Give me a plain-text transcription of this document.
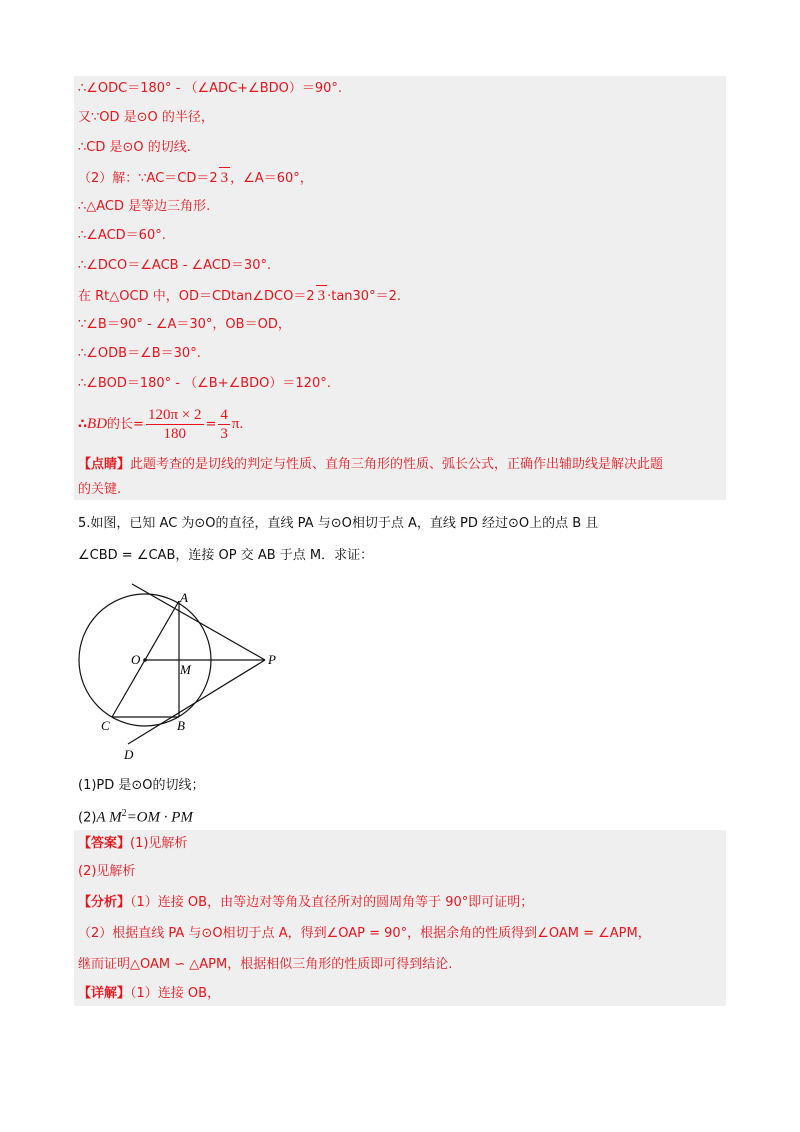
∴∠ODC＝180° - （∠ADC+∠BDO）＝90°.
又∵OD 是⊙O 的半径，
∴CD 是⊙O 的切线.
（2）解：∵AC＝CD＝2 3 ，∠A＝60°，
∴△ACD 是等边三角形.
∴∠ACD＝60°.
∴∠DCO＝∠ACB - ∠ACD＝30°.
在 Rt△OCD 中，OD＝CDtan∠DCO＝2 3 ·tan30°＝2.
∵∠B＝90° - ∠A＝30°，OB＝OD，
∴∠ODB＝∠B＝30°.
∴∠BOD＝180° - （∠B+∠BDO）＝120°.
∴BD的长= $\frac{120\pi \times 2}{180} = \frac{4}{3} \pi$.
【点睛】此题考查的是切线的判定与性质、直角三角形的性质、弧长公式，正确作出辅助线是解决此题
的关键.
5.如图，已知 AC 为⊙O的直径，直线 PA 与⊙O相切于点 A，直线 PD 经过⊙O上的点 B 且
∠CBD = ∠CAB，连接 OP 交 AB 于点 M．求证：
A
O
M
P
C	B
D
(1)PD 是⊙O的切线；
(2)A $M^2=OM$ · PM
【答案】(1)见解析
(2)见解析
【分析】（1）连接 OB，由等边对等角及直径所对的圆周角等于 90°即可证明；
（2）根据直线 PA 与⊙O相切于点 A，得到∠OAP = 90°，根据余角的性质得到∠OAM = ∠APM，
继而证明△OAM ∽ △APM，根据相似三角形的性质即可得到结论.
【详解】（1）连接 OB，
